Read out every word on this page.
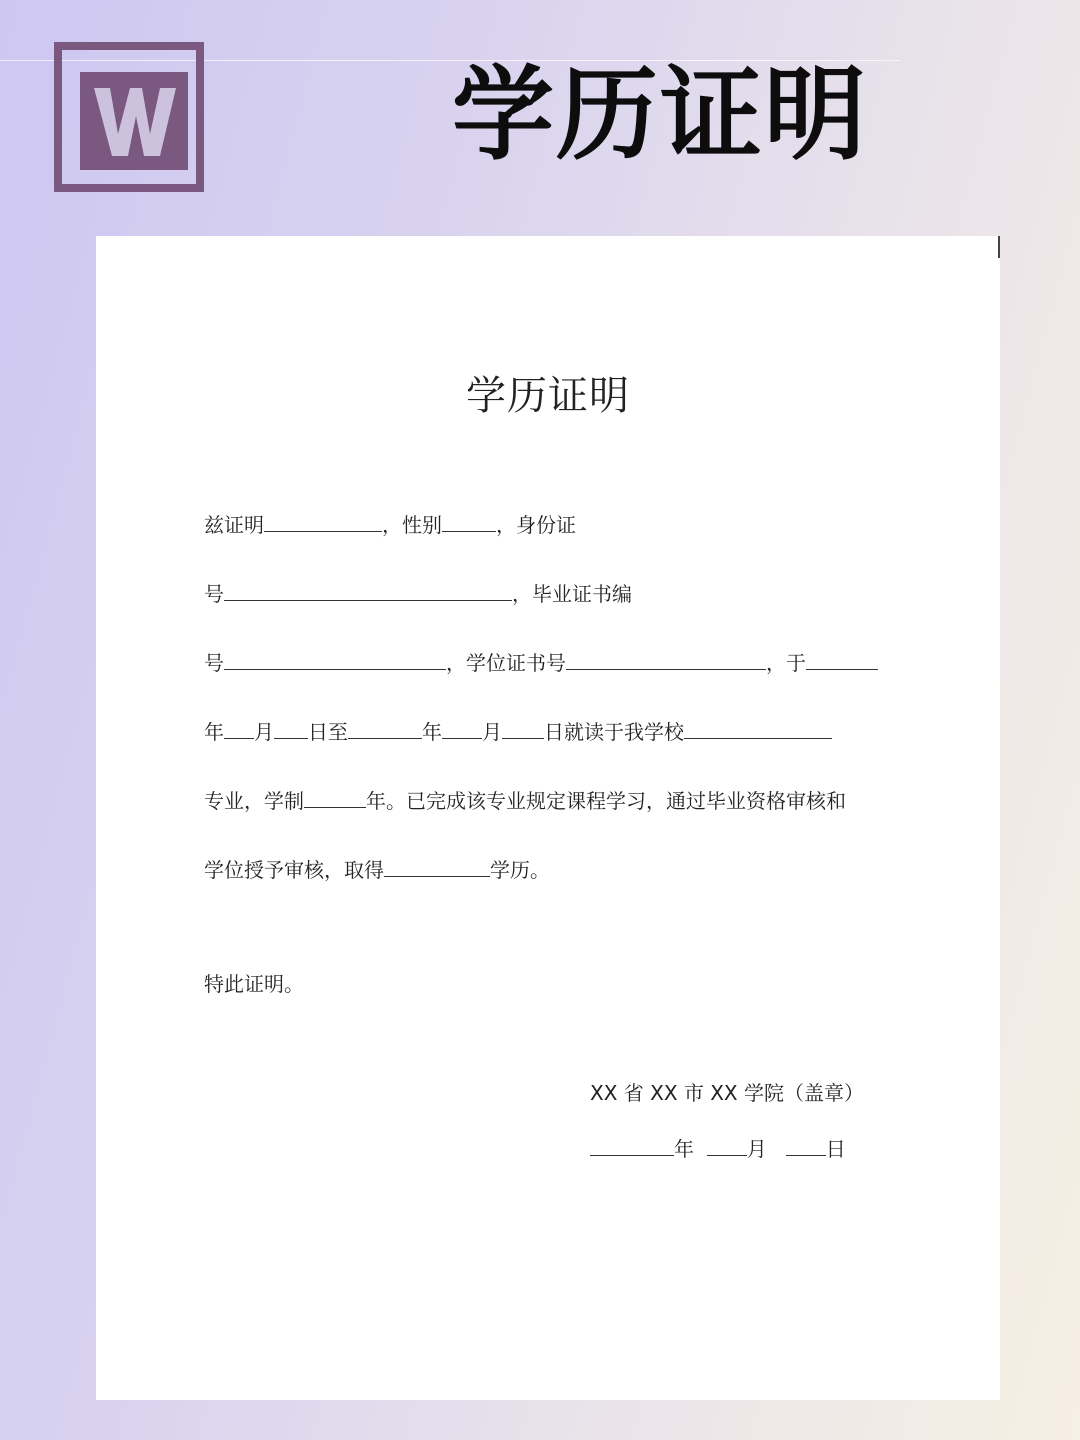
学历证明
学历证明
兹证明	，性别	，身份证
号	，毕业证书编
号	，学位证书号	，于
年 月 日至	年 月 日就读于我学校
专业，学制	年。已完成该专业规定课程学习，通过毕业资格审核和
学位授予审核，取得	学历。
特此证明。
XX 省 XX 市 XX 学院（盖章）
年	月	日
